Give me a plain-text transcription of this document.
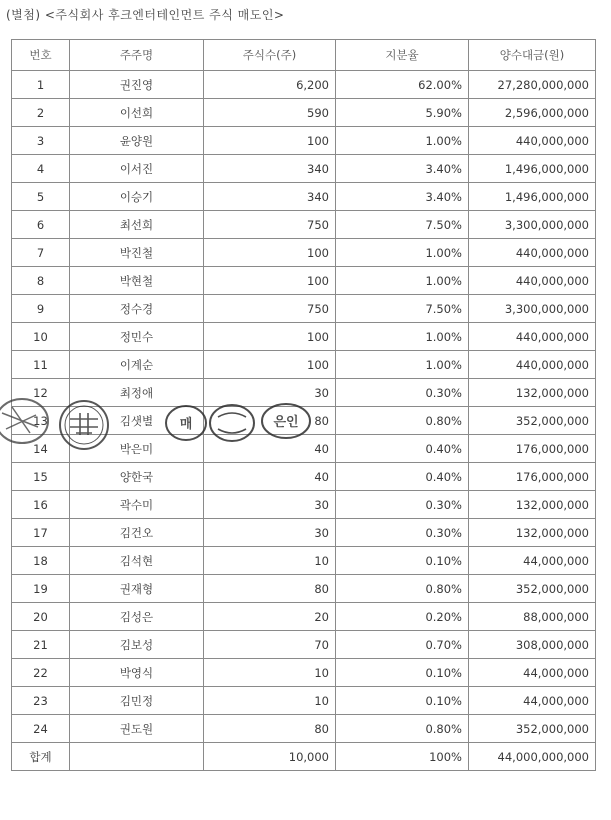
(별첨) <주식회사 후크엔터테인먼트 주식 매도인>
번호	주주명	주식수(주)	지분율	양수대금(원)
1	권진영	6,200	62.00%	27,280,000,000
2	이선희	590	5.90%	2,596,000,000
3	윤양원	100	1.00%	440,000,000
4	이서진	340	3.40%	1,496,000,000
5	이승기	340	3.40%	1,496,000,000
6	최선희	750	7.50%	3,300,000,000
7	박진철	100	1.00%	440,000,000
8	박현철	100	1.00%	440,000,000
9	정수경	750	7.50%	3,300,000,000
10	정민수	100	1.00%	440,000,000
11	이계순	100	1.00%	440,000,000
12	최정애	30	0.30%	132,000,000
13	김샛별	80	0.80%	352,000,000
14	박은미	40	0.40%	176,000,000
15	양한국	40	0.40%	176,000,000
16	곽수미	30	0.30%	132,000,000
17	김건오	30	0.30%	132,000,000
18	김석현	10	0.10%	44,000,000
19	권재형	80	0.80%	352,000,000
20	김성은	20	0.20%	88,000,000
21	김보성	70	0.70%	308,000,000
22	박영식	10	0.10%	44,000,000
23	김민정	10	0.10%	44,000,000
24	권도원	80	0.80%	352,000,000
합계		10,000	100%	44,000,000,000
매	은인
